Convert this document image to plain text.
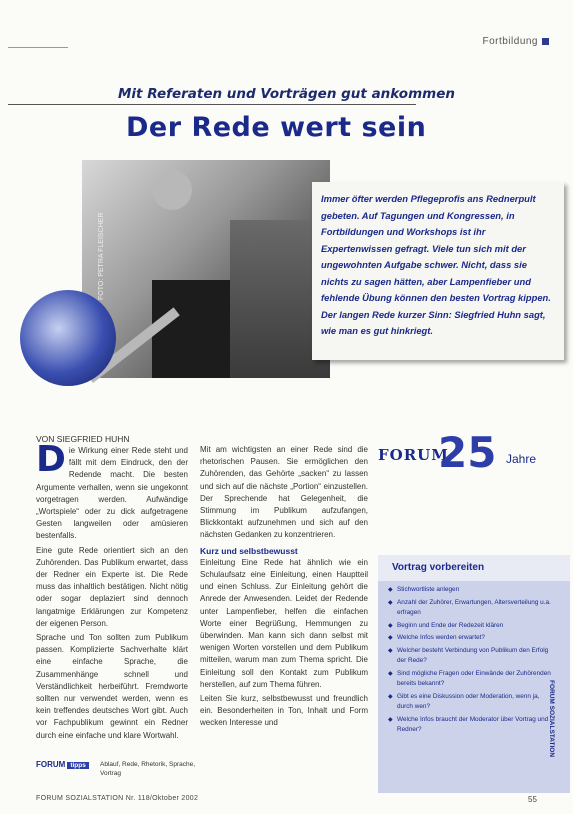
Fortbildung
Mit Referaten und Vorträgen gut ankommen
Der Rede wert sein
FOTO: PETRA FLEISCHER
Immer öfter werden Pflegeprofis ans Rednerpult gebeten. Auf Tagungen und Kongressen, in Fortbildungen und Workshops ist ihr Expertenwissen gefragt. Viele tun sich mit der ungewohnten Aufgabe schwer. Nicht, dass sie nichts zu sagen hätten, aber Lampenfieber und fehlende Übung können den besten Vortrag kippen. Der langen Rede kurzer Sinn: Siegfried Huhn sagt, wie man es gut hinkriegt.
VON SIEGFRIED HUHN
D ie Wirkung einer Rede steht und fällt mit dem Eindruck, den der Redende macht. Die besten Argumente verhallen, wenn sie ungekonnt vorgetragen werden. Aufwändige „Wortspiele“ oder zu dick aufgetragene Gesten langweilen oder amüsieren bestenfalls.

Eine gute Rede orientiert sich an den Zuhörenden. Das Publikum erwartet, dass der Redner ein Experte ist. Die Rede muss das inhaltlich bestätigen. Nicht nötig oder sogar deplaziert sind dennoch langatmige Erklärungen zur Kompetenz der eigenen Person.

Sprache und Ton sollten zum Publikum passen. Komplizierte Sachverhalte klärt eine einfache Sprache, die Zusammenhänge schnell und Verständlichkeit herbeiführt. Fremdworte sollten nur verwendet werden, wenn es kein treffendes deutsches Wort gibt. Auch vor Fachpublikum gewinnt ein Redner durch eine einfache und klare Wortwahl.

Mit am wichtigsten an einer Rede sind die rhetorischen Pausen. Sie ermöglichen den Zuhörenden, das Gehörte „sacken“ zu lassen und sich auf die nächste „Portion“ einzustellen. Der Sprechende hat Gelegenheit, die Stimmung im Publikum aufzufangen, Blickkontakt aufzunehmen und sich auf den nächsten Gedanken zu konzentrieren.

Kurz und selbstbewusst

Einleitung Eine Rede hat ähnlich wie ein Schulaufsatz eine Einleitung, einen Hauptteil und einen Schluss. Zur Einleitung gehört die Anrede der Anwesenden. Leidet der Redende unter Lampenfieber, helfen die einfachen Worte einer Begrüßung, Hemmungen zu überwinden. Man kann sich dann selbst mit wenigen Worten vorstellen und dem Publikum mitteilen, warum man zum Thema spricht. Die Einleitung soll den Kontakt zum Publikum herstellen, auf zum Thema führen.

Leiten Sie kurz, selbstbewusst und freundlich ein. Besonderheiten in Ton, Inhalt und Form wecken Interesse und

FORUM
25 Jahre
Vortrag vorbereiten
◆ Stichwortliste anlegen
◆ Anzahl der Zuhörer, Erwartungen, Altersverteilung u.a. erfragen
◆ Beginn und Ende der Redezeit klären
◆ Welche Infos werden erwartet?
◆ Welcher besteht Verbindung von Publikum den Erfolg der Rede?
◆ Sind mögliche Fragen oder Einwände der Zuhörenden bereits bekannt?
◆ Gibt es eine Diskussion oder Moderation, wenn ja, durch wen?
◆ Welche Infos braucht der Moderator über Vortrag und Redner?	FORUM SOZIALSTATION
FORUM tipps	Ablauf, Rede, Rhetorik, Sprache, Vortrag
FORUM SOZIALSTATION Nr. 118/Oktober 2002	55
